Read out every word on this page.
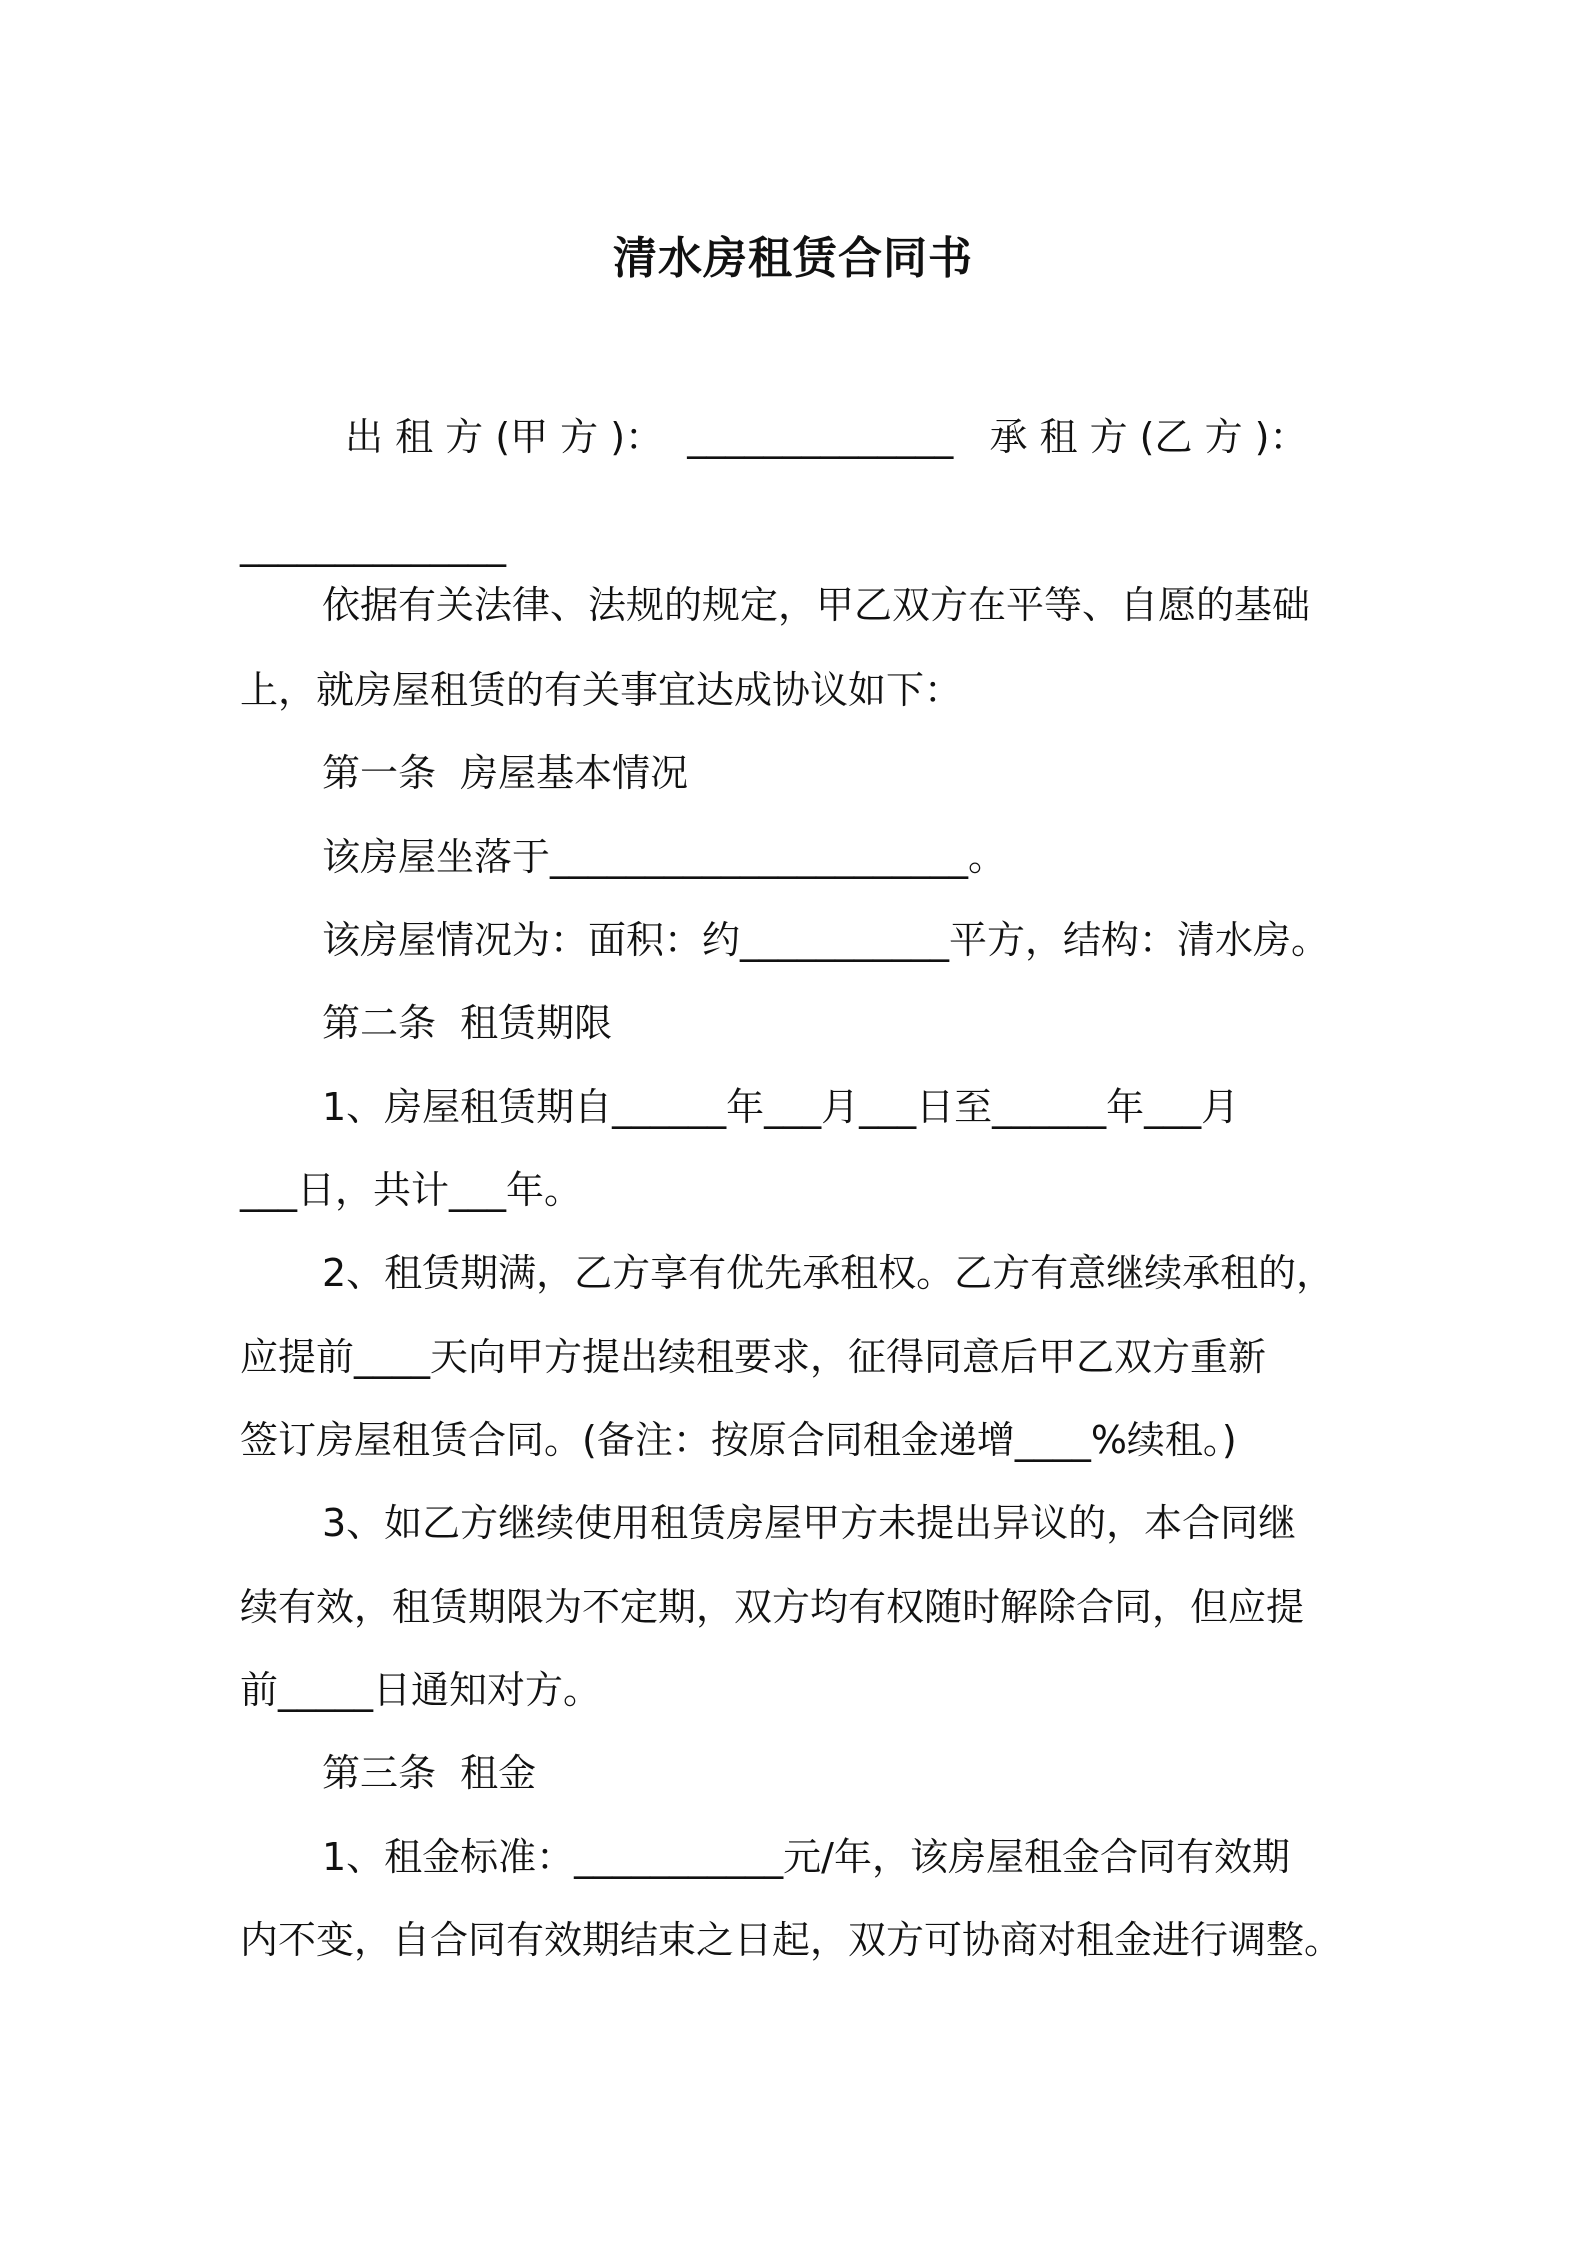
清水房租赁合同书
出 租 方 (甲 方 )：  ______________   承 租 方 (乙 方 )：
______________
依据有关法律、法规的规定，甲乙双方在平等、自愿的基础
上，就房屋租赁的有关事宜达成协议如下：
第一条  房屋基本情况
该房屋坐落于______________________。
该房屋情况为：面积：约___________平方，结构：清水房。
第二条  租赁期限
1、房屋租赁期自______年___月___日至______年___月
___日，共计___年。
2、租赁期满，乙方享有优先承租权。乙方有意继续承租的，
应提前____天向甲方提出续租要求，征得同意后甲乙双方重新
签订房屋租赁合同。(备注：按原合同租金递增____%续租。)
3、如乙方继续使用租赁房屋甲方未提出异议的，本合同继
续有效，租赁期限为不定期，双方均有权随时解除合同，但应提
前_____日通知对方。
第三条  租金
1、租金标准：___________元/年，该房屋租金合同有效期
内不变，自合同有效期结束之日起，双方可协商对租金进行调整。
